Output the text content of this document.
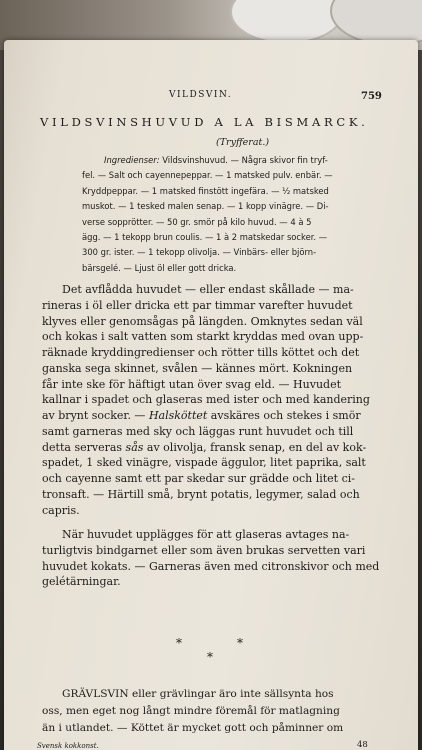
VILDSVIN.	759
VILDSVINSHUVUD A LA BISMARCK.
(Tryfferat.)
Ingredienser: Vildsvinshuvud. — Några skivor fin tryf-
fel. — Salt och cayennepeppar. — 1 matsked pulv. enbär. —
Kryddpeppar. — 1 matsked finstött ingefära. — ½ matsked
muskot. — 1 tesked malen senap. — 1 kopp vinägre. — Di-
verse sopprötter. — 50 gr. smör på kilo huvud. — 4 à 5
ägg. — 1 tekopp brun coulis. — 1 à 2 matskedar socker. —
300 gr. ister. — 1 tekopp olivolja. — Vinbärs- eller björn-
bärsgelé. — Ljust öl eller gott dricka.
Det avflådda huvudet — eller endast skållade — ma-
rineras i öl eller dricka ett par timmar varefter huvudet
klyves eller genomsågas på längden. Omknytes sedan väl
och kokas i salt vatten som starkt kryddas med ovan upp-
räknade kryddingredienser och rötter tills köttet och det
ganska sega skinnet, svålen — kännes mört. Kokningen
får inte ske för häftigt utan över svag eld. — Huvudet
kallnar i spadet och glaseras med ister och med kandering
av brynt socker. — Halsköttet avskäres och stekes i smör
samt garneras med sky och läggas runt huvudet och till
detta serveras sås av olivolja, fransk senap, en del av kok-
spadet, 1 sked vinägre, vispade äggulor, litet paprika, salt
och cayenne samt ett par skedar sur grädde och litet ci-
tronsaft. — Härtill små, brynt potatis, legymer, salad och
capris.
När huvudet upplägges för att glaseras avtages na-
turligtvis bindgarnet eller som även brukas servetten vari
huvudet kokats. — Garneras även med citronskivor och med
gelétärningar.
*	*
*
GRÄVLSVIN eller grävlingar äro inte sällsynta hos
oss, men eget nog långt mindre föremål för matlagning
än i utlandet. — Köttet är mycket gott och påminner om
Svensk kokkonst.	48
